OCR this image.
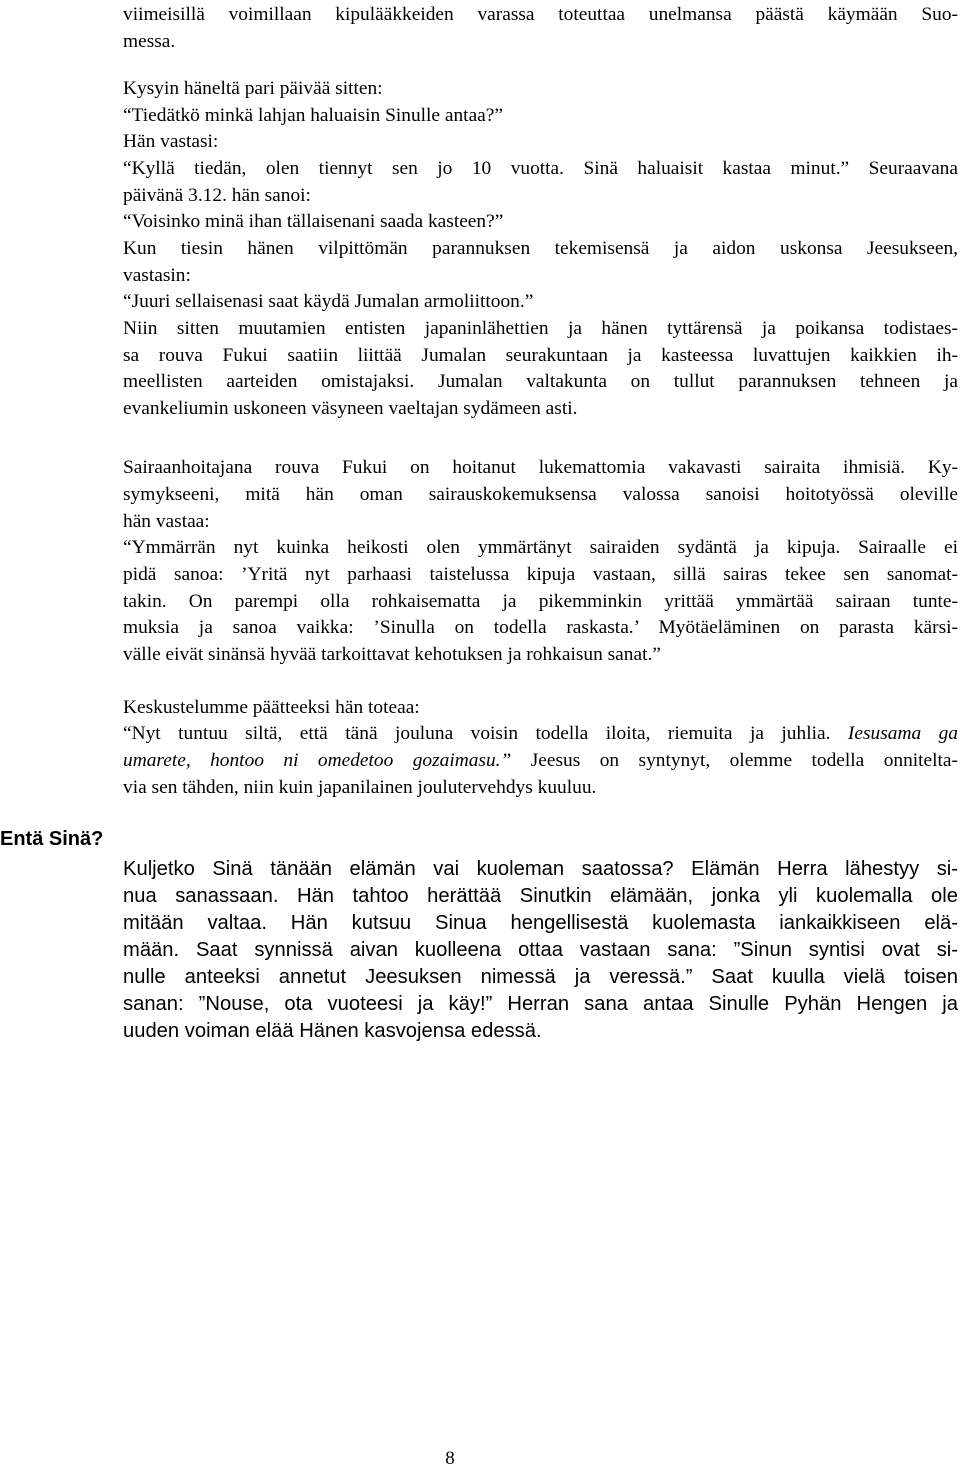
viimeisillä voimillaan kipulääkkeiden varassa toteuttaa unelmansa päästä käymään Suo-
messa.
Kysyin häneltä pari päivää sitten:
“Tiedätkö minkä lahjan haluaisin Sinulle antaa?”
Hän vastasi:
“Kyllä tiedän, olen tiennyt sen jo 10 vuotta. Sinä haluaisit kastaa minut.” Seuraavana
päivänä 3.12. hän sanoi:
“Voisinko minä ihan tällaisenani saada kasteen?”
Kun tiesin hänen vilpittömän parannuksen tekemisensä ja aidon uskonsa Jeesukseen,
vastasin:
“Juuri sellaisenasi saat käydä Jumalan armoliittoon.”
Niin sitten muutamien entisten japaninlähettien ja hänen tyttärensä ja poikansa todistaes-
sa rouva Fukui saatiin liittää Jumalan seurakuntaan ja kasteessa luvattujen kaikkien ih-
meellisten aarteiden omistajaksi. Jumalan valtakunta on tullut parannuksen tehneen ja
evankeliumin uskoneen väsyneen vaeltajan sydämeen asti.
Sairaanhoitajana rouva Fukui on hoitanut lukemattomia vakavasti sairaita ihmisiä. Ky-
symykseeni, mitä hän oman sairauskokemuksensa valossa sanoisi hoitotyössä oleville
hän vastaa:
“Ymmärrän nyt kuinka heikosti olen ymmärtänyt sairaiden sydäntä ja kipuja. Sairaalle ei
pidä sanoa: ’Yritä nyt parhaasi taistelussa kipuja vastaan, sillä sairas tekee sen sanomat-
takin. On parempi olla rohkaisematta ja pikemminkin yrittää ymmärtää sairaan tunte-
muksia ja sanoa vaikka: ’Sinulla on todella raskasta.’ Myötäeläminen on parasta kärsi-
välle eivät sinänsä hyvää tarkoittavat kehotuksen ja rohkaisun sanat.”
Keskustelumme päätteeksi hän toteaa:
“Nyt tuntuu siltä, että tänä jouluna voisin todella iloita, riemuita ja juhlia. Iesusama ga
umarete, hontoo ni omedetoo gozaimasu.” Jeesus on syntynyt, olemme todella onnitelta-
via sen tähden, niin kuin japanilainen joulutervehdys kuuluu.
Entä Sinä?
Kuljetko Sinä tänään elämän vai kuoleman saatossa? Elämän Herra lähestyy si-
nua sanassaan. Hän tahtoo herättää Sinutkin elämään, jonka yli kuolemalla ole
mitään valtaa. Hän kutsuu Sinua hengellisestä kuolemasta iankaikkiseen elä-
mään. Saat synnissä aivan kuolleena ottaa vastaan sana: ”Sinun syntisi ovat si-
nulle anteeksi annetut Jeesuksen nimessä ja veressä.” Saat kuulla vielä toisen
sanan: ”Nouse, ota vuoteesi ja käy!” Herran sana antaa Sinulle Pyhän Hengen ja
uuden voiman elää Hänen kasvojensa edessä.
8
